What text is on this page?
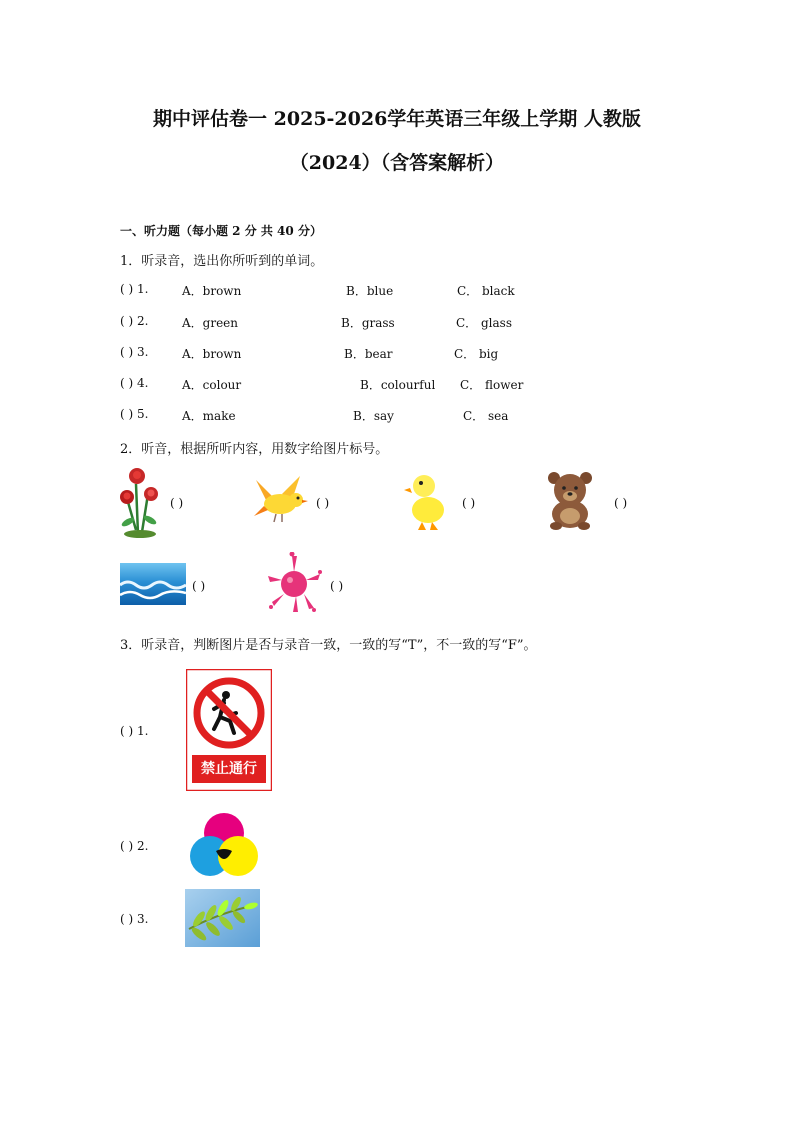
期中评估卷一 2025-2026学年英语三年级上学期 人教版
（2024）（含答案解析）
一、听力题（每小题 2 分 共 40 分）
1．听录音，选出你所听到的单词。
( ) 1.	A．brown	B．blue	C． black
( ) 2.	A．green	B．grass	C． glass
( ) 3.	A．brown	B．bear	C． big
( ) 4.	A．colour	B．colourful C． flower
( ) 5.	A．make	B．say	C． sea
2．听音，根据所听内容，用数字给图片标号。
( )	( )	( )	( )
( )	( )
3．听录音，判断图片是否与录音一致，一致的写“T”，不一致的写“F”。
( ) 1.
禁止通行
( ) 2.
( ) 3.
